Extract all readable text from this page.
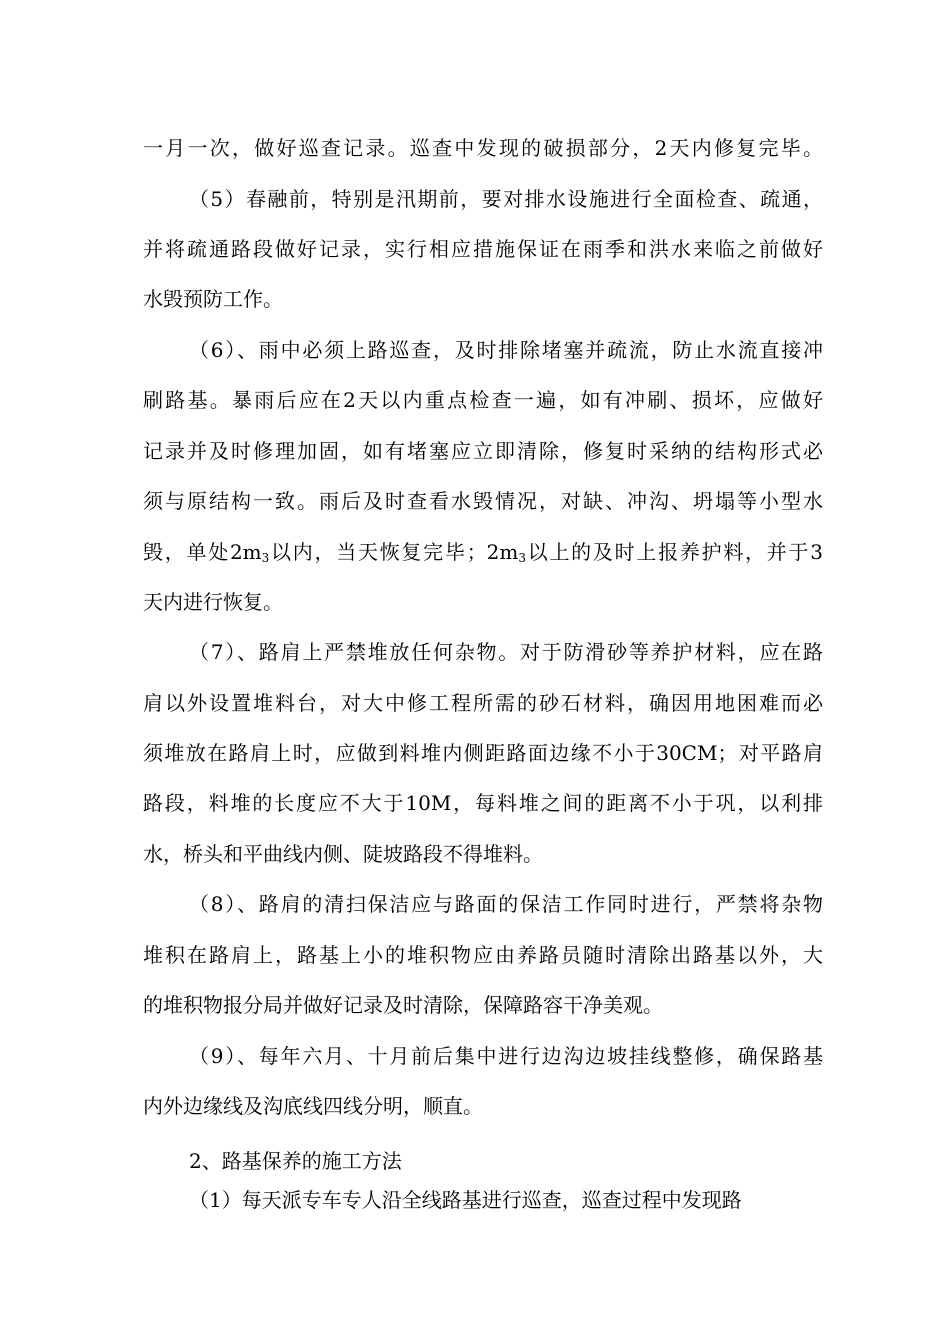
一月一次，做好巡查记录。巡查中发现的破损部分，2天内修复完毕。
（5）春融前，特别是汛期前，要对排水设施进行全面检查、疏通，
并将疏通路段做好记录，实行相应措施保证在雨季和洪水来临之前做好
水毁预防工作。
（6）、雨中必须上路巡查，及时排除堵塞并疏流，防止水流直接冲
刷路基。暴雨后应在2天以内重点检查一遍，如有冲刷、损坏，应做好
记录并及时修理加固，如有堵塞应立即清除，修复时采纳的结构形式必
须与原结构一致。雨后及时查看水毁情况，对缺、冲沟、坍塌等小型水
毁，单处$2m_3$以内，当天恢复完毕；$2m_3$以上的及时上报养护料，并于3
天内进行恢复。
（7）、路肩上严禁堆放任何杂物。对于防滑砂等养护材料，应在路
肩以外设置堆料台，对大中修工程所需的砂石材料，确因用地困难而必
须堆放在路肩上时，应做到料堆内侧距路面边缘不小于30CM；对平路肩
路段，料堆的长度应不大于10M，每料堆之间的距离不小于巩，以利排
水，桥头和平曲线内侧、陡坡路段不得堆料。
（8）、路肩的清扫保洁应与路面的保洁工作同时进行，严禁将杂物
堆积在路肩上，路基上小的堆积物应由养路员随时清除出路基以外，大
的堆积物报分局并做好记录及时清除，保障路容干净美观。
（9）、每年六月、十月前后集中进行边沟边坡挂线整修，确保路基
内外边缘线及沟底线四线分明，顺直。
2、路基保养的施工方法
（1）每天派专车专人沿全线路基进行巡查，巡查过程中发现路
